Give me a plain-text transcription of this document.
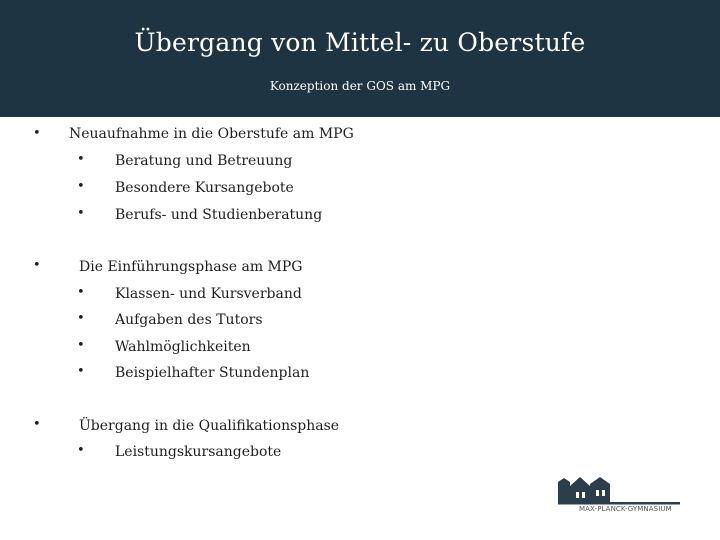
Übergang von Mittel- zu Oberstufe
Konzeption der GOS am MPG
• Neuaufnahme in die Oberstufe am MPG
• Beratung und Betreuung
• Besondere Kursangebote
• Berufs- und Studienberatung
•	Die Einführungsphase am MPG
• Klassen- und Kursverband
• Aufgaben des Tutors
• Wahlmöglichkeiten
• Beispielhafter Stundenplan
•	Übergang in die Qualifikationsphase
• Leistungskursangebote
MAX-PLANCK-GYMNASIUM
